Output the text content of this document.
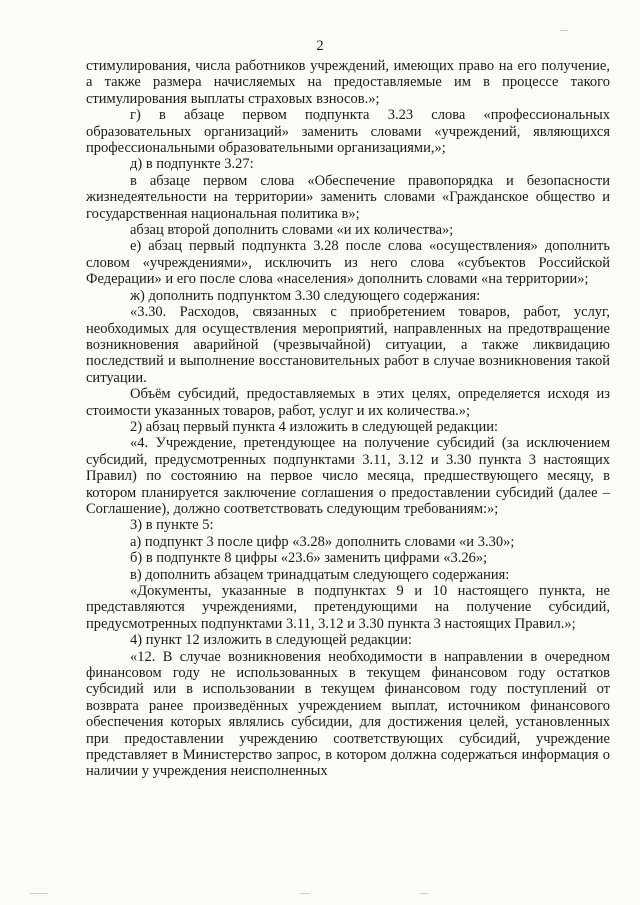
2

стимулирования, числа работников учреждений, имеющих право на его получение, а также размера начисляемых на предоставляемые им в процессе такого стимулирования выплаты страховых взносов.»;

г) в абзаце первом подпункта 3.23 слова «профессиональных образовательных организаций» заменить словами «учреждений, являющихся профессиональными образовательными организациями,»;

д) в подпункте 3.27:

в абзаце первом слова «Обеспечение правопорядка и безопасности жизнедеятельности на территории» заменить словами «Гражданское общество и государственная национальная политика в»;

абзац второй дополнить словами «и их количества»;

е) абзац первый подпункта 3.28 после слова «осуществления» дополнить словом «учреждениями», исключить из него слова «субъектов Российской Федерации» и его после слова «населения» дополнить словами «на территории»;

ж) дополнить подпунктом 3.30 следующего содержания:

«3.30. Расходов, связанных с приобретением товаров, работ, услуг, необходимых для осуществления мероприятий, направленных на предотвращение возникновения аварийной (чрезвычайной) ситуации, а также ликвидацию последствий и выполнение восстановительных работ в случае возникновения такой ситуации.

Объём субсидий, предоставляемых в этих целях, определяется исходя из стоимости указанных товаров, работ, услуг и их количества.»;

2) абзац первый пункта 4 изложить в следующей редакции:

«4. Учреждение, претендующее на получение субсидий (за исключением субсидий, предусмотренных подпунктами 3.11, 3.12 и 3.30 пункта 3 настоящих Правил) по состоянию на первое число месяца, предшествующего месяцу, в котором планируется заключение соглашения о предоставлении субсидий (далее – Соглашение), должно соответствовать следующим требованиям:»;

3) в пункте 5:

а) подпункт 3 после цифр «3.28» дополнить словами «и 3.30»;

б) в подпункте 8 цифры «23.6» заменить цифрами «3.26»;

в) дополнить абзацем тринадцатым следующего содержания:

«Документы, указанные в подпунктах 9 и 10 настоящего пункта, не представляются учреждениями, претендующими на получение субсидий, предусмотренных подпунктами 3.11, 3.12 и 3.30 пункта 3 настоящих Правил.»;

4) пункт 12 изложить в следующей редакции:

«12. В случае возникновения необходимости в направлении в очередном финансовом году не использованных в текущем финансовом году остатков субсидий или в использовании в текущем финансовом году поступлений от возврата ранее произведённых учреждением выплат, источником финансового обеспечения которых являлись субсидии, для достижения целей, установленных при предоставлении учреждению соответствующих субсидий, учреждение представляет в Министерство запрос, в котором должна содержаться информация о наличии у учреждения неисполненных
